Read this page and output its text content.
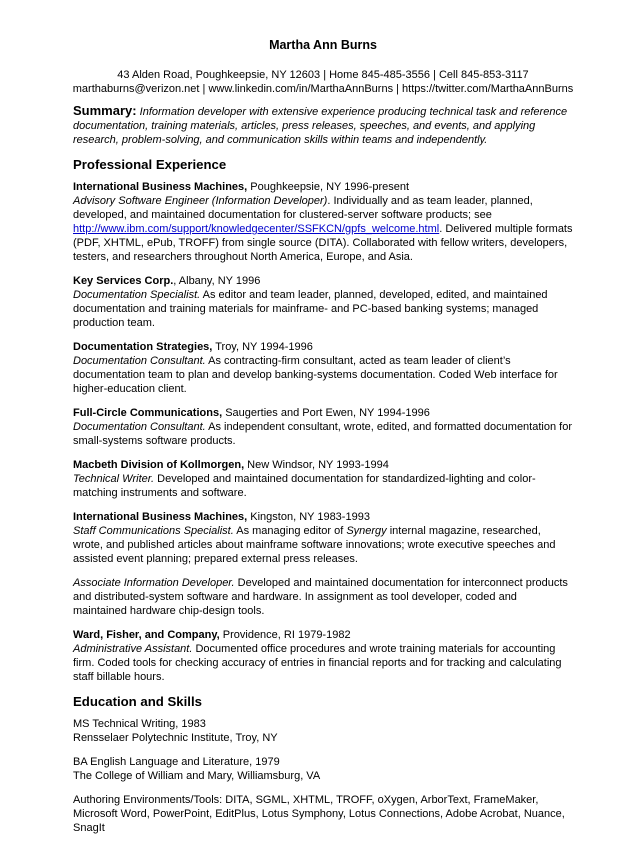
Martha Ann Burns
43 Alden Road, Poughkeepsie, NY 12603 | Home 845-485-3556 | Cell 845-853-3117
marthaburns@verizon.net | www.linkedin.com/in/MarthaAnnBurns | https://twitter.com/MarthaAnnBurns
Summary: Information developer with extensive experience producing technical task and reference documentation, training materials, articles, press releases, speeches, and events, and applying research, problem-solving, and communication skills within teams and independently.
Professional Experience
International Business Machines, Poughkeepsie, NY 1996-present
Advisory Software Engineer (Information Developer). Individually and as team leader, planned, developed, and maintained documentation for clustered-server software products; see http://www.ibm.com/support/knowledgecenter/SSFKCN/gpfs_welcome.html. Delivered multiple formats (PDF, XHTML, ePub, TROFF) from single source (DITA). Collaborated with fellow writers, developers, testers, and researchers throughout North America, Europe, and Asia.
Key Services Corp., Albany, NY 1996
Documentation Specialist. As editor and team leader, planned, developed, edited, and maintained documentation and training materials for mainframe- and PC-based banking systems; managed production team.
Documentation Strategies, Troy, NY 1994-1996
Documentation Consultant. As contracting-firm consultant, acted as team leader of client’s documentation team to plan and develop banking-systems documentation. Coded Web interface for higher-education client.
Full-Circle Communications, Saugerties and Port Ewen, NY 1994-1996
Documentation Consultant. As independent consultant, wrote, edited, and formatted documentation for small-systems software products.
Macbeth Division of Kollmorgen, New Windsor, NY 1993-1994
Technical Writer. Developed and maintained documentation for standardized-lighting and color-matching instruments and software.
International Business Machines, Kingston, NY 1983-1993
Staff Communications Specialist. As managing editor of Synergy internal magazine, researched, wrote, and published articles about mainframe software innovations; wrote executive speeches and assisted event planning; prepared external press releases.
Associate Information Developer. Developed and maintained documentation for interconnect products and distributed-system software and hardware. In assignment as tool developer, coded and maintained hardware chip-design tools.
Ward, Fisher, and Company, Providence, RI 1979-1982
Administrative Assistant. Documented office procedures and wrote training materials for accounting firm. Coded tools for checking accuracy of entries in financial reports and for tracking and calculating staff billable hours.
Education and Skills
MS Technical Writing, 1983
Rensselaer Polytechnic Institute, Troy, NY
BA English Language and Literature, 1979
The College of William and Mary, Williamsburg, VA
Authoring Environments/Tools: DITA, SGML, XHTML, TROFF, oXygen, ArborText, FrameMaker, Microsoft Word, PowerPoint, EditPlus, Lotus Symphony, Lotus Connections, Adobe Acrobat, Nuance, SnagIt
